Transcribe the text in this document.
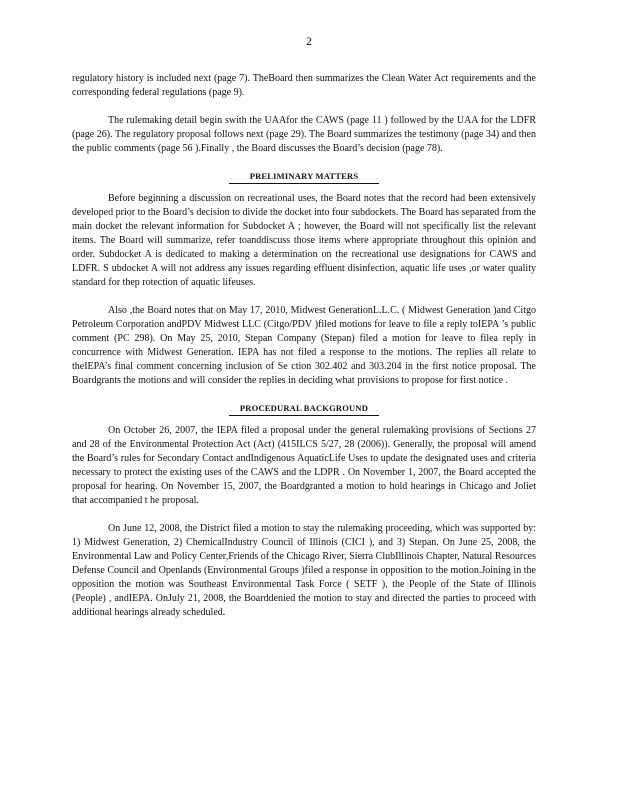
2

regulatory history is included next (page 7). TheBoard then summarizes the Clean Water Act requirements and the corresponding federal regulations (page 9).

The rulemaking detail begin swith the UAAfor the CAWS (page 11 ) followed by the UAA for the LDFR (page 26). The regulatory proposal follows next (page 29). The Board summarizes the testimony (page 34) and then the public comments (page 56 ).Finally , the Board discusses the Board’s decision (page 78).

PRELIMINARY MATTERS

Before beginning a discussion on recreational uses, the Board notes that the record had been extensively developed prior to the Board’s decision to divide the docket into four subdockets. The Board has separated from the main docket the relevant information for Subdocket A ; however, the Board will not specifically list the relevant items. The Board will summarize, refer toanddiscuss those items where appropriate throughout this opinion and order. Subdocket A is dedicated to making a determination on the recreational use designations for CAWS and LDFR. S ubdocket A will not address any issues regarding effluent disinfection, aquatic life uses ,or water quality standard for thep rotection of aquatic lifeuses.

Also ,the Board notes that on May 17, 2010, Midwest GenerationL.L.C. ( Midwest Generation )and Citgo Petroleum Corporation andPDV Midwest LLC (Citgo/PDV )filed motions for leave to file a reply toIEPA ’s public comment (PC 298). On May 25, 2010, Stepan Company (Stepan) filed a motion for leave to filea reply in concurrence with Midwest Generation. IEPA has not filed a response to the motions. The replies all relate to theIEPA’s final comment concerning inclusion of Se ction 302.402 and 303.204 in the first notice proposal. The Boardgrants the motions and will consider the replies in deciding what provisions to propose for first notice .

PROCEDURAL BACKGROUND

On October 26, 2007, the IEPA filed a proposal under the general rulemaking provisions of Sections 27 and 28 of the Environmental Protection Act (Act) (415ILCS 5/27, 28 (2006)). Generally, the proposal will amend the Board’s rules for Secondary Contact andIndigenous AquaticLife Uses to update the designated uses and criteria necessary to protect the existing uses of the CAWS and the LDPR . On November 1, 2007, the Board accepted the proposal for hearing. On November 15, 2007, the Boardgranted a motion to hold hearings in Chicago and Joliet that accompanied t he proposal.

On June 12, 2008, the District filed a motion to stay the rulemaking proceeding, which was supported by: 1) Midwest Generation, 2) ChemicalIndustry Council of Illinois (CICI ), and 3) Stepan. On June 25, 2008, the Environmental Law and Policy Center,Friends of the Chicago River, Sierra ClubIllinois Chapter, Natural Resources Defense Council and Openlands (Environmental Groups )filed a response in opposition to the motion.Joining in the opposition the motion was Southeast Environmental Task Force ( SETF ), the People of the State of Illinois (People) , andIEPA. OnJuly 21, 2008, the Boarddenied the motion to stay and directed the parties to proceed with additional hearings already scheduled.
